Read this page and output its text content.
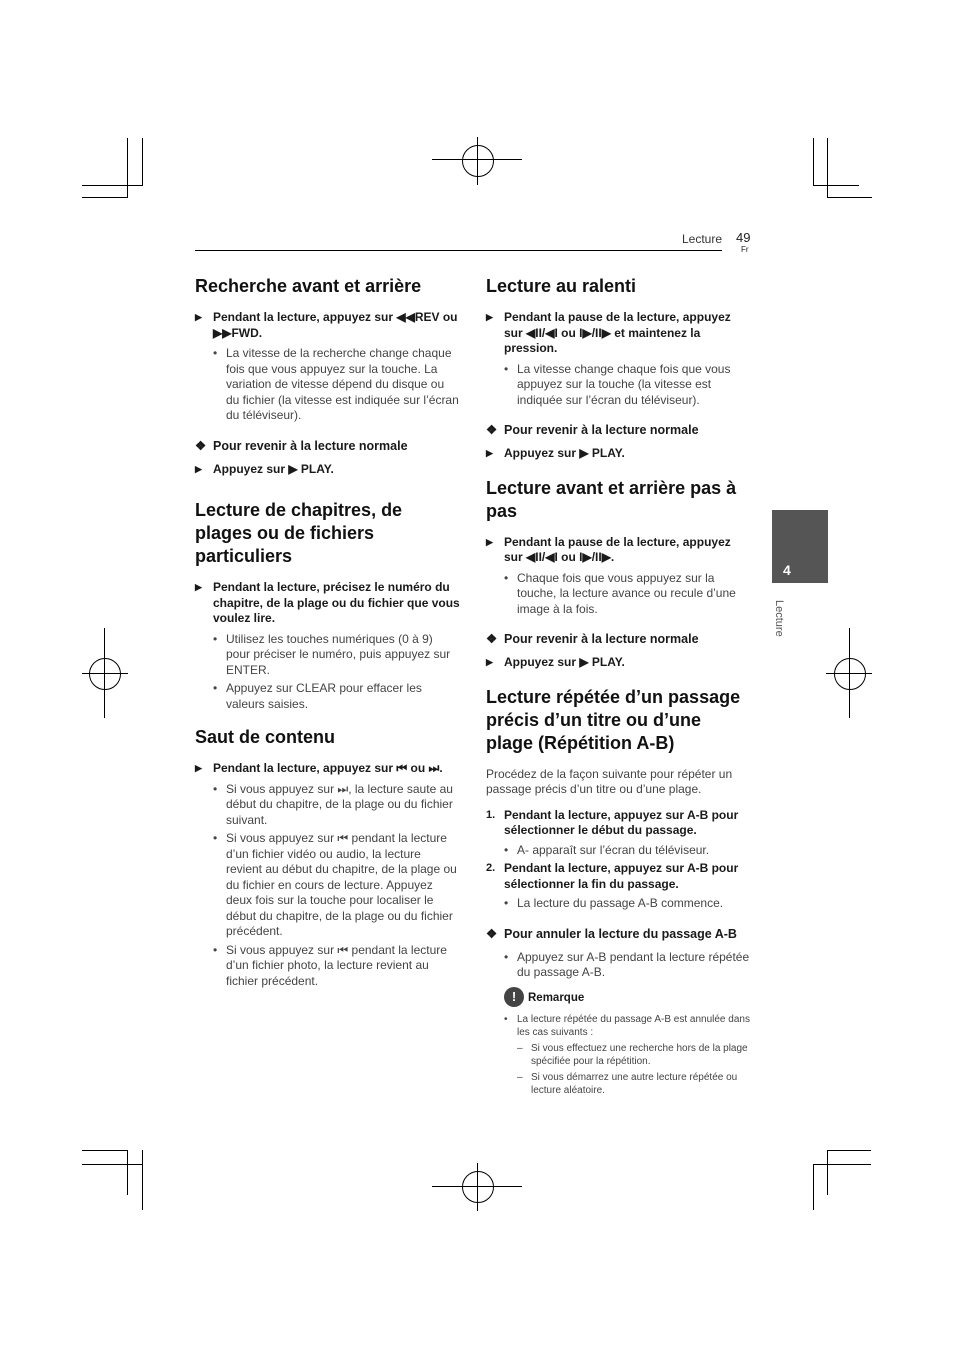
Lecture 49
Fr
4
Lecture
Recherche avant et arrière
▶ Pendant la lecture, appuyez sur ◀◀REV ou ▶▶FWD.
• La vitesse de la recherche change chaque fois que vous appuyez sur la touche. La variation de vitesse dépend du disque ou du fichier (la vitesse est indiquée sur l’écran du téléviseur).
❖ Pour revenir à la lecture normale
▶ Appuyez sur ▶ PLAY.
Lecture de chapitres, de plages ou de fichiers particuliers
▶ Pendant la lecture, précisez le numéro du chapitre, de la plage ou du fichier que vous voulez lire.
• Utilisez les touches numériques (0 à 9) pour préciser le numéro, puis appuyez sur ENTER.
• Appuyez sur CLEAR pour effacer les valeurs saisies.
Saut de contenu
▶ Pendant la lecture, appuyez sur ⏮ ou ⏭.
• Si vous appuyez sur ⏭, la lecture saute au début du chapitre, de la plage ou du fichier suivant.
• Si vous appuyez sur ⏮ pendant la lecture d’un fichier vidéo ou audio, la lecture revient au début du chapitre, de la plage ou du fichier en cours de lecture. Appuyez deux fois sur la touche pour localiser le début du chapitre, de la plage ou du fichier précédent.
• Si vous appuyez sur ⏮ pendant la lecture d’un fichier photo, la lecture revient au fichier précédent.
Lecture au ralenti
▶ Pendant la pause de la lecture, appuyez sur ◀II/◀I ou I▶/II▶ et maintenez la pression.
• La vitesse change chaque fois que vous appuyez sur la touche (la vitesse est indiquée sur l’écran du téléviseur).
❖ Pour revenir à la lecture normale
▶ Appuyez sur ▶ PLAY.
Lecture avant et arrière pas à pas
▶ Pendant la pause de la lecture, appuyez sur ◀II/◀I ou I▶/II▶.
• Chaque fois que vous appuyez sur la touche, la lecture avance ou recule d’une image à la fois.
❖ Pour revenir à la lecture normale
▶ Appuyez sur ▶ PLAY.
Lecture répétée d’un passage précis d’un titre ou d’une plage (Répétition A-B)
Procédez de la façon suivante pour répéter un passage précis d’un titre ou d’une plage.
1. Pendant la lecture, appuyez sur A-B pour sélectionner le début du passage.
• A- apparaît sur l’écran du téléviseur.
2. Pendant la lecture, appuyez sur A-B pour sélectionner la fin du passage.
• La lecture du passage A-B commence.
❖ Pour annuler la lecture du passage A-B
• Appuyez sur A-B pendant la lecture répétée du passage A-B.
!	Remarque
• La lecture répétée du passage A-B est annulée dans les cas suivants :
– Si vous effectuez une recherche hors de la plage spécifiée pour la répétition.
– Si vous démarrez une autre lecture répétée ou lecture aléatoire.
